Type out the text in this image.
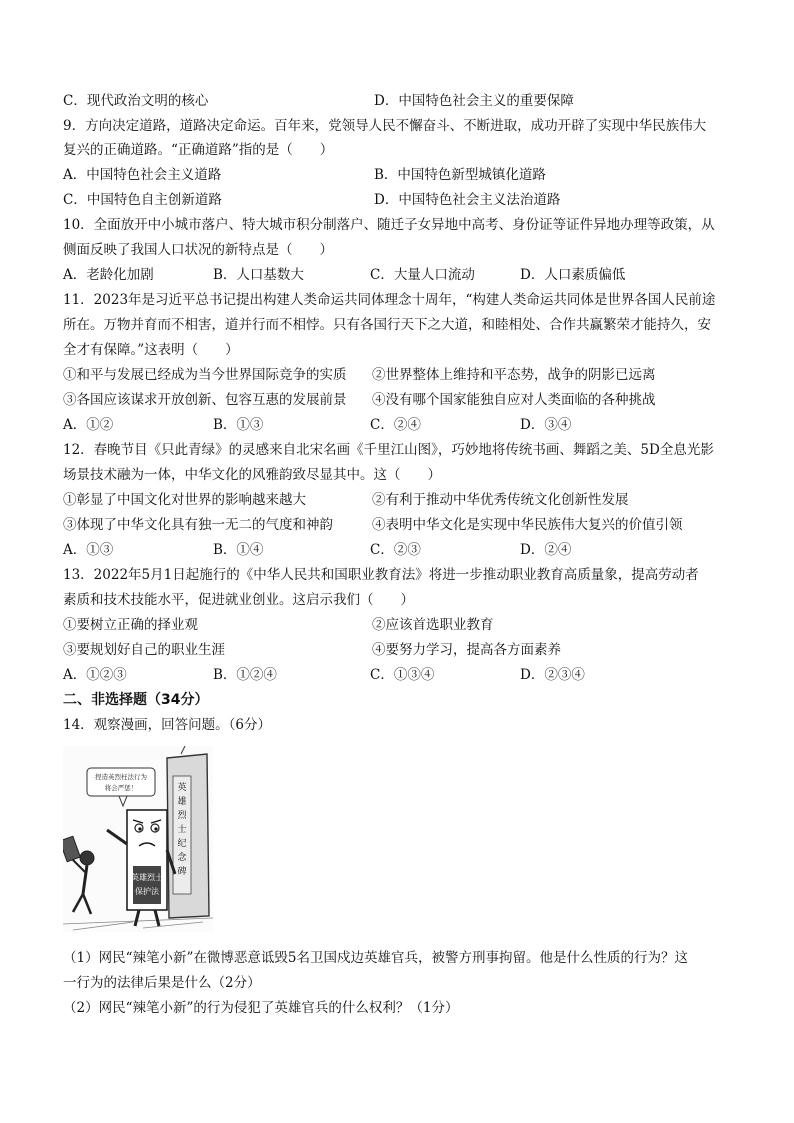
C．现代政治文明的核心	D．中国特色社会主义的重要保障
9．方向决定道路，道路决定命运。百年来，党领导人民不懈奋斗、不断进取，成功开辟了实现中华民族伟大
复兴的正确道路。“正确道路”指的是（　　）
A．中国特色社会主义道路	B．中国特色新型城镇化道路
C．中国特色自主创新道路	D．中国特色社会主义法治道路
10．全面放开中小城市落户、特大城市积分制落户、随迁子女异地中高考、身份证等证件异地办理等政策，从
侧面反映了我国人口状况的新特点是（　　）
A．老龄化加剧	B．人口基数大	C．大量人口流动	D．人口素质偏低
11．2023年是习近平总书记提出构建人类命运共同体理念十周年，“构建人类命运共同体是世界各国人民前途
所在。万物并育而不相害，道并行而不相悖。只有各国行天下之大道，和睦相处、合作共赢繁荣才能持久，安
全才有保障。”这表明（　　）
①和平与发展已经成为当今世界国际竞争的实质 ②世界整体上维持和平态势，战争的阴影已远离
③各国应该谋求开放创新、包容互惠的发展前景 ④没有哪个国家能独自应对人类面临的各种挑战
A．①②	B．①③	C．②④	D．③④
12．春晚节目《只此青绿》的灵感来自北宋名画《千里江山图》，巧妙地将传统书画、舞蹈之美、5D全息光影
场景技术融为一体，中华文化的风雅韵致尽显其中。这（　　）
①彰显了中国文化对世界的影响越来越大	②有利于推动中华优秀传统文化创新性发展
③体现了中华文化具有独一无二的气度和神韵	④表明中华文化是实现中华民族伟大复兴的价值引领
A．①③	B．①④	C．②③	D．②④
13．2022年5月1日起施行的《中华人民共和国职业教育法》将进一步推动职业教育高质量象，提高劳动者
素质和技术技能水平，促进就业创业。这启示我们（　　）
①要树立正确的择业观	②应该首选职业教育
③要规划好自己的职业生涯	④要努力学习，提高各方面素养
A．①②③	B．①②④	C．①③④	D．②③④
二、非选择题（34分）
14．观察漫画，回答问题。（6分）
英
雄
烈
士
纪
念
碑
捏造英烈枉法行为
将会严惩！
英雄烈士
保护法
（1）网民“辣笔小新”在微博恶意诋毁5名卫国戍边英雄官兵，被警方刑事拘留。他是什么性质的行为？这
一行为的法律后果是什么（2分）
（2）网民“辣笔小新”的行为侵犯了英雄官兵的什么权利？（1分）
